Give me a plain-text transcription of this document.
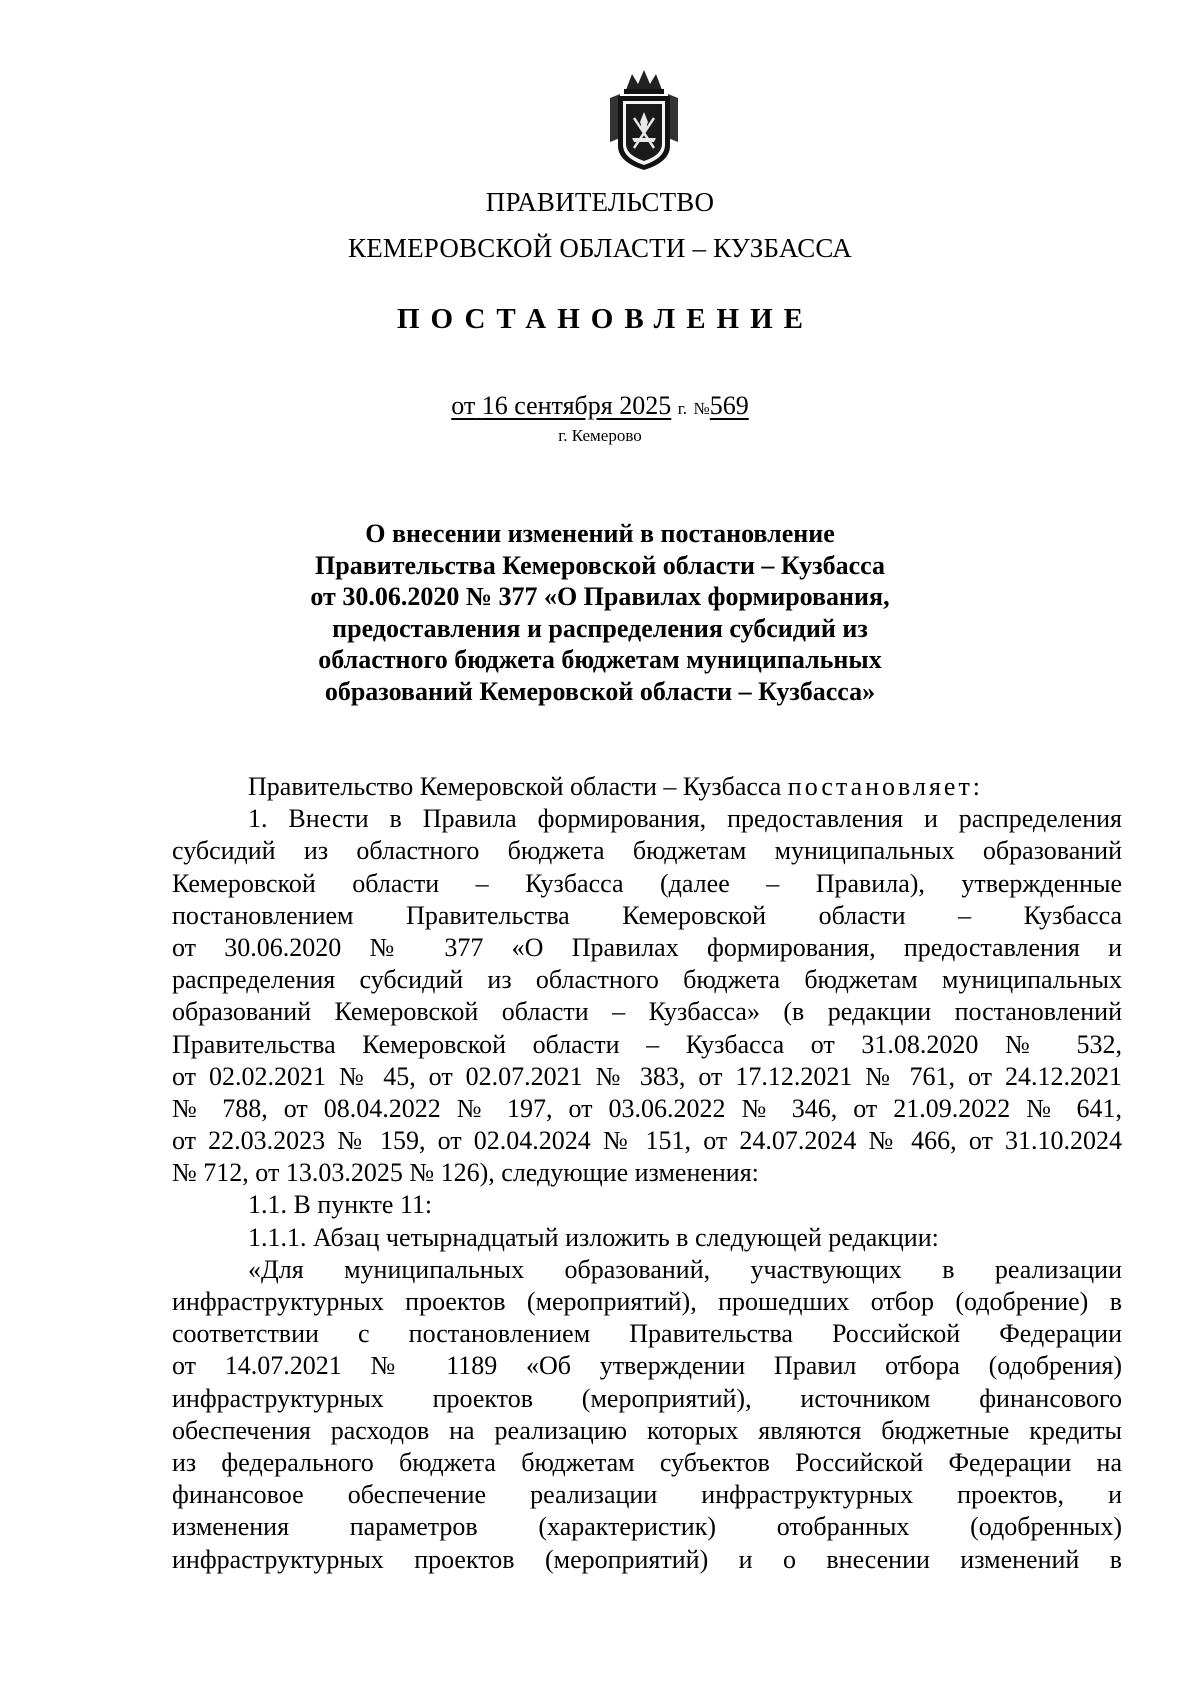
ПРАВИТЕЛЬСТВО
КЕМЕРОВСКОЙ ОБЛАСТИ – КУЗБАССА
ПОСТАНОВЛЕНИЕ
от 16 сентября 2025 г. №569
г. Кемерово
О внесении изменений в постановление
Правительства Кемеровской области – Кузбасса
от 30.06.2020 № 377 «О Правилах формирования,
предоставления и распределения субсидий из
областного бюджета бюджетам муниципальных
образований Кемеровской области – Кузбасса»
Правительство Кемеровской области – Кузбасса постановляет:
1. Внести в Правила формирования, предоставления и распределения
субсидий из областного бюджета бюджетам муниципальных образований
Кемеровской области – Кузбасса (далее – Правила), утвержденные
постановлением Правительства Кемеровской области – Кузбасса
от 30.06.2020 № 377 «О Правилах формирования, предоставления и
распределения субсидий из областного бюджета бюджетам муниципальных
образований Кемеровской области – Кузбасса» (в редакции постановлений
Правительства Кемеровской области – Кузбасса от 31.08.2020 № 532,
от 02.02.2021 № 45, от 02.07.2021 № 383, от 17.12.2021 № 761, от 24.12.2021
№ 788, от 08.04.2022 № 197, от 03.06.2022 № 346, от 21.09.2022 № 641,
от 22.03.2023 № 159, от 02.04.2024 № 151, от 24.07.2024 № 466, от 31.10.2024
№ 712, от 13.03.2025 № 126), следующие изменения:
1.1. В пункте 11:
1.1.1. Абзац четырнадцатый изложить в следующей редакции:
«Для муниципальных образований, участвующих в реализации
инфраструктурных проектов (мероприятий), прошедших отбор (одобрение) в
соответствии с постановлением Правительства Российской Федерации
от 14.07.2021 № 1189 «Об утверждении Правил отбора (одобрения)
инфраструктурных проектов (мероприятий), источником финансового
обеспечения расходов на реализацию которых являются бюджетные кредиты
из федерального бюджета бюджетам субъектов Российской Федерации на
финансовое обеспечение реализации инфраструктурных проектов, и
изменения параметров (характеристик) отобранных (одобренных)
инфраструктурных проектов (мероприятий) и о внесении изменений в
